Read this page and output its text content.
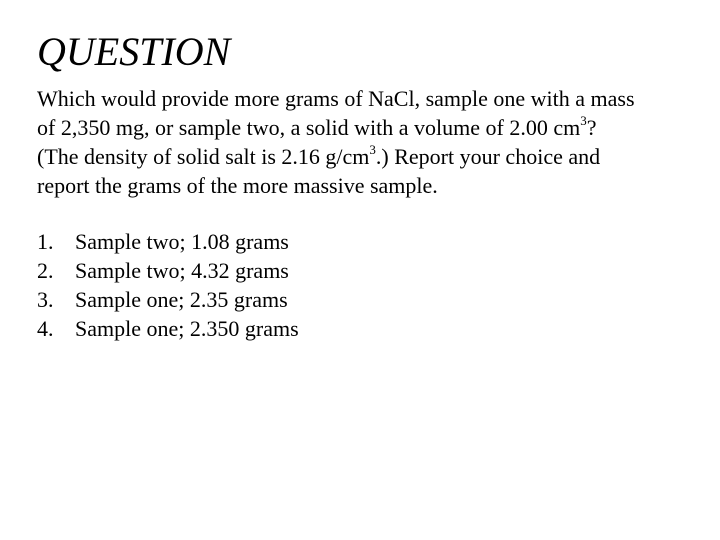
QUESTION
Which would provide more grams of NaCl, sample one with a mass
of 2,350 mg, or sample two, a solid with a volume of 2.00 $cm^3$?
(The density of solid salt is 2.16 $g/cm^3$.) Report your choice and
report the grams of the more massive sample.
1. Sample two; 1.08 grams
2. Sample two; 4.32 grams
3. Sample one; 2.35 grams
4. Sample one; 2.350 grams
